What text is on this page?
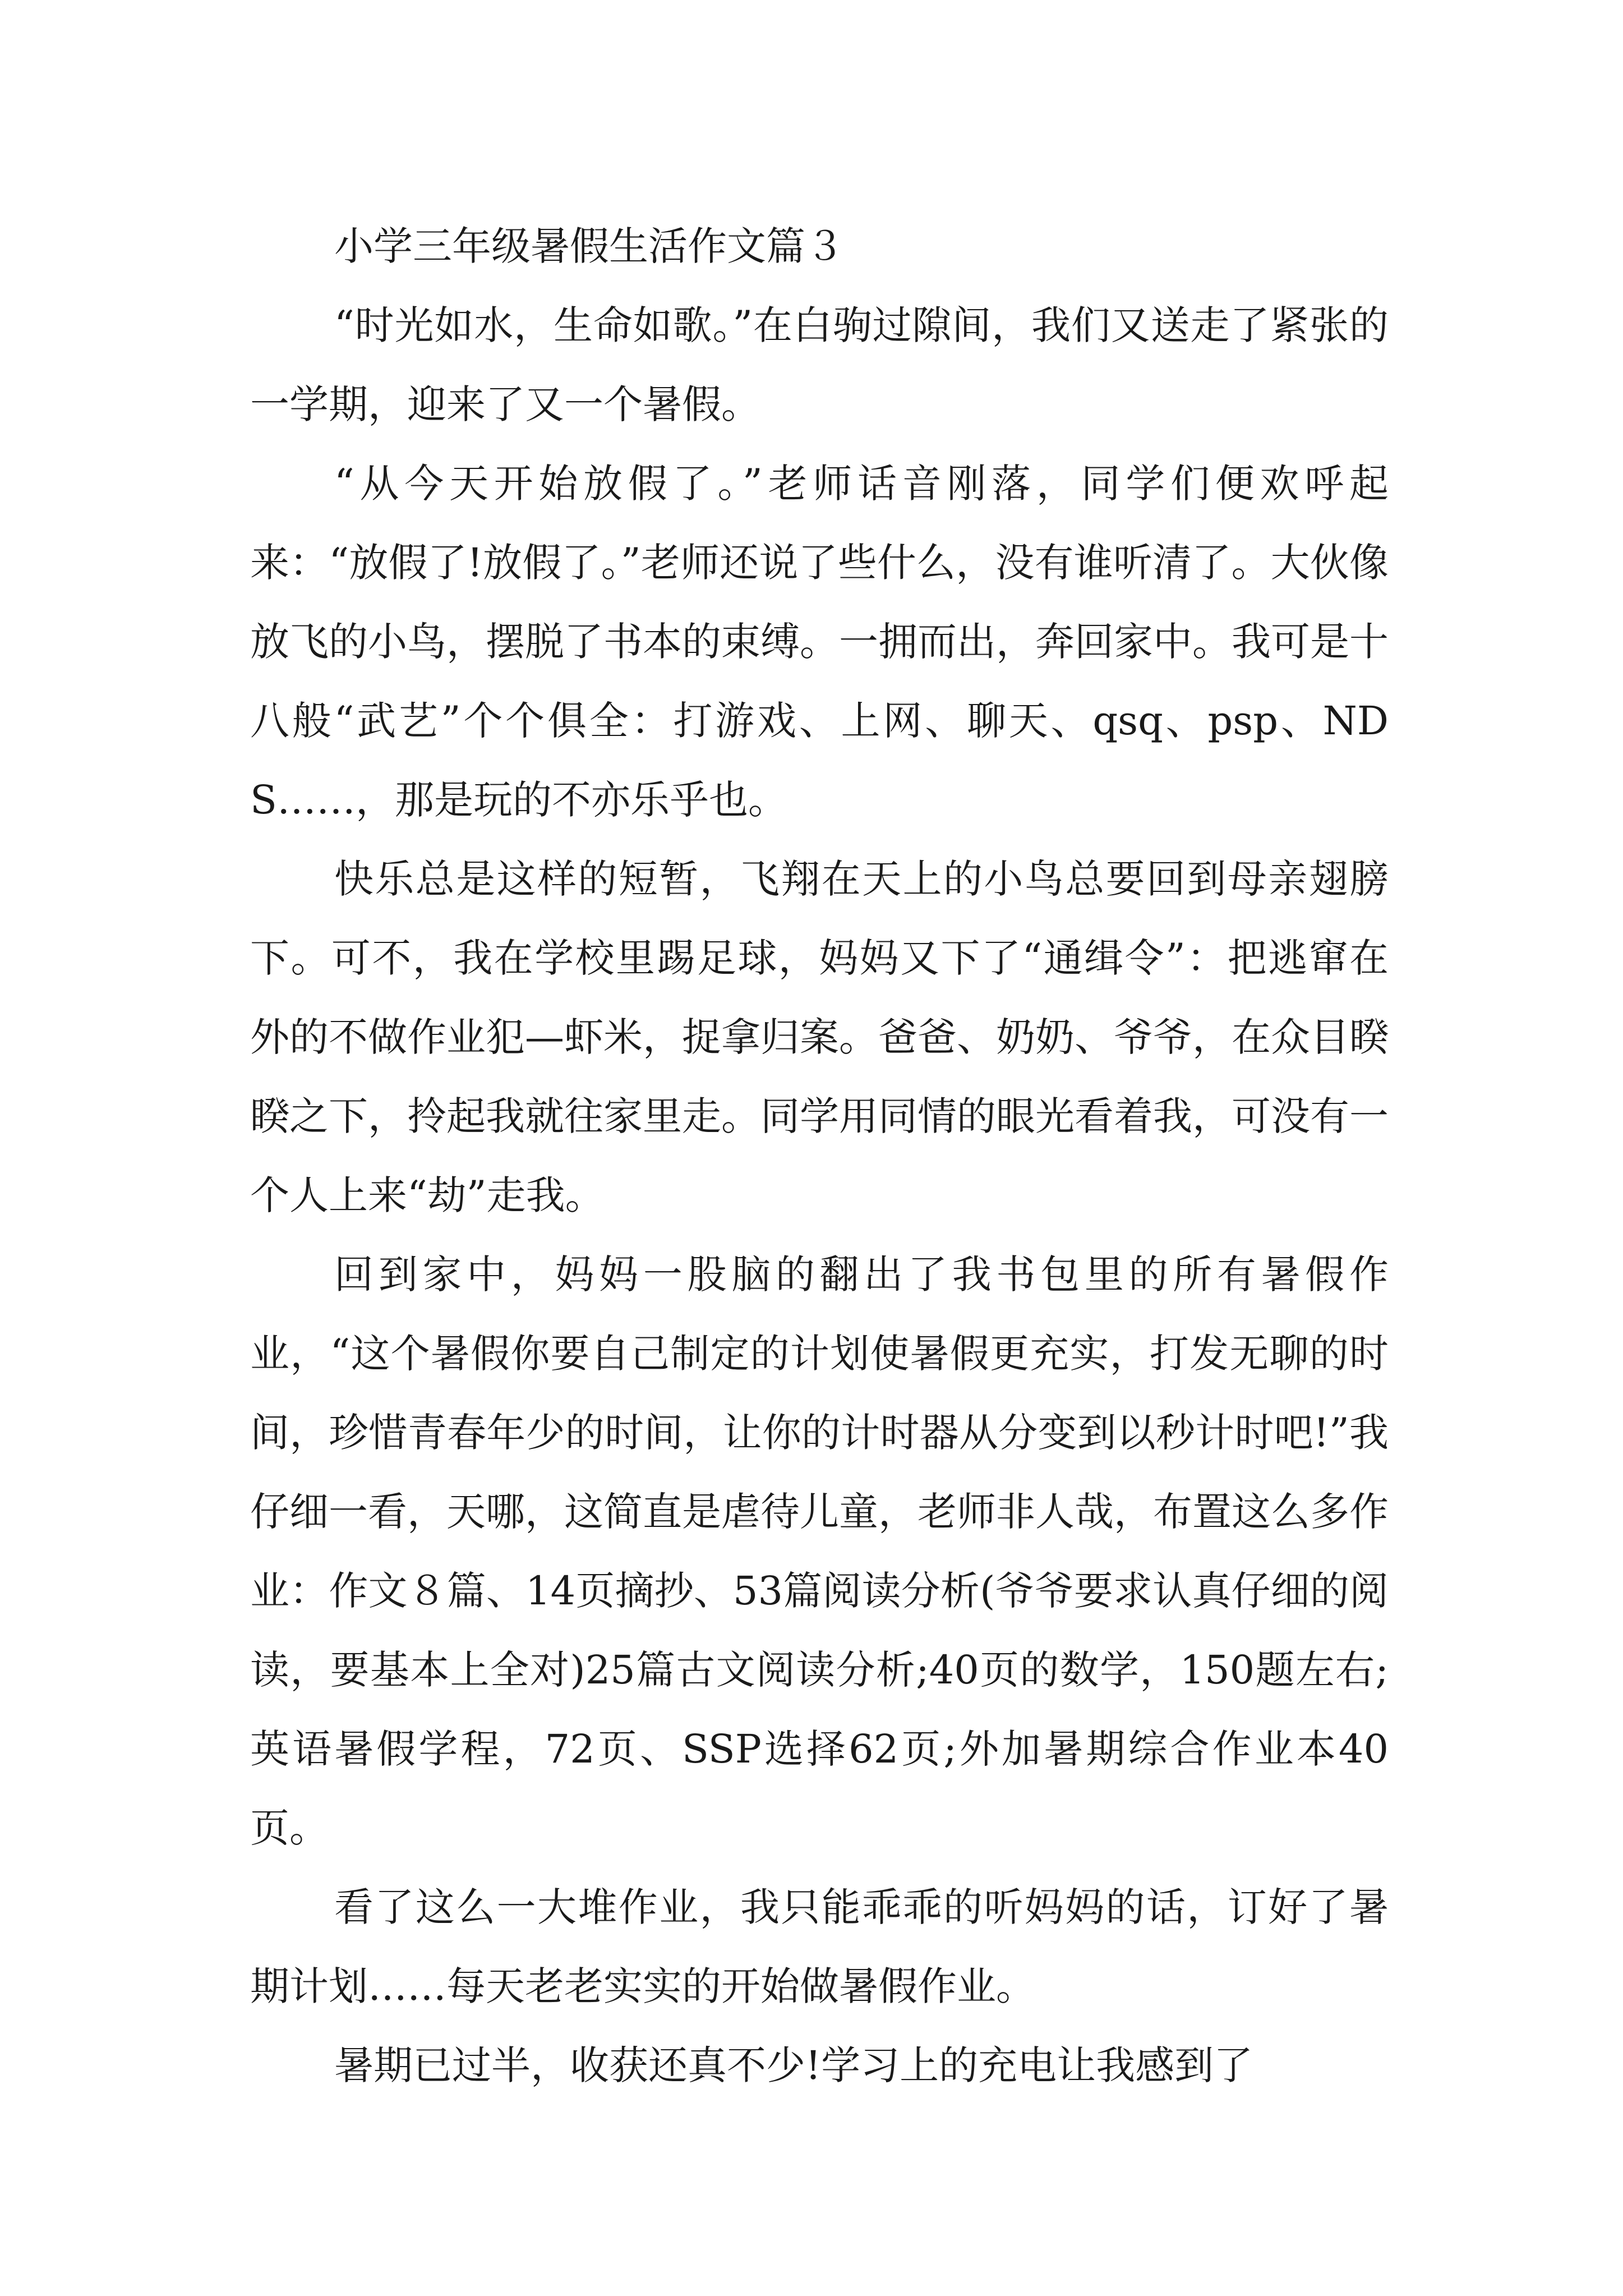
小学三年级暑假生活作文篇３

“时光如水，生命如歌。”在白驹过隙间，我们又送走了紧张的一学期，迎来了又一个暑假。

“从今天开始放假了。”老师话音刚落，同学们便欢呼起来：“放假了!放假了。”老师还说了些什么，没有谁听清了。大伙像放飞的小鸟，摆脱了书本的束缚。一拥而出，奔回家中。我可是十八般“武艺”个个俱全：打游戏、上网、聊天、qsq、psp、NDS……，那是玩的不亦乐乎也。

快乐总是这样的短暂，飞翔在天上的小鸟总要回到母亲翅膀下。可不，我在学校里踢足球，妈妈又下了“通缉令”：把逃窜在外的不做作业犯—虾米，捉拿归案。爸爸、奶奶、爷爷，在众目睽睽之下，拎起我就往家里走。同学用同情的眼光看着我，可没有一个人上来“劫”走我。

回到家中，妈妈一股脑的翻出了我书包里的所有暑假作业，“这个暑假你要自己制定的计划使暑假更充实，打发无聊的时间，珍惜青春年少的时间，让你的计时器从分变到以秒计时吧!”我仔细一看，天哪，这简直是虐待儿童，老师非人哉，布置这么多作业：作文８篇、14页摘抄、53篇阅读分析(爷爷要求认真仔细的阅读，要基本上全对)25篇古文阅读分析;40页的数学，150题左右;英语暑假学程，72页、SSP选择62页;外加暑期综合作业本40页。

看了这么一大堆作业，我只能乖乖的听妈妈的话，订好了暑期计划……每天老老实实的开始做暑假作业。

暑期已过半，收获还真不少!学习上的充电让我感到了
